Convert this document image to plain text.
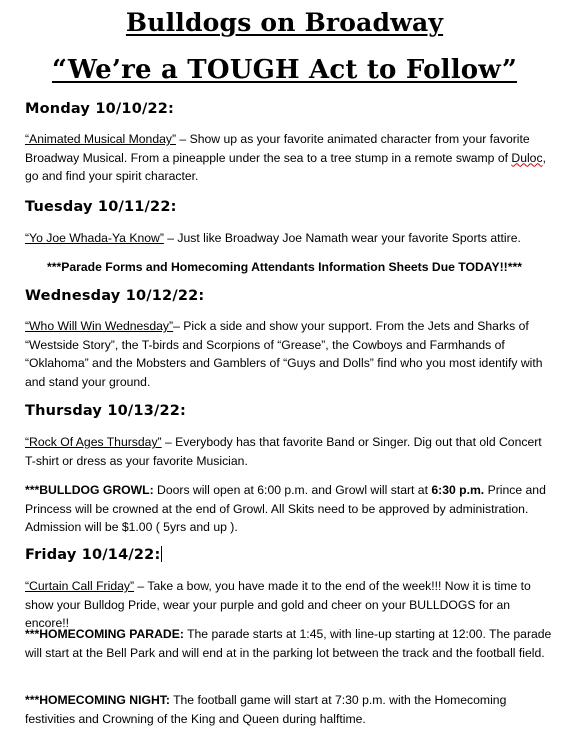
Bulldogs on Broadway
“We’re a TOUGH Act to Follow”
Monday 10/10/22:
“Animated Musical Monday” – Show up as your favorite animated character from your favorite Broadway Musical. From a pineapple under the sea to a tree stump in a remote swamp of Duloc, go and find your spirit character.
Tuesday 10/11/22:
“Yo Joe Whada-Ya Know” – Just like Broadway Joe Namath wear your favorite Sports attire.
***Parade Forms and Homecoming Attendants Information Sheets Due TODAY!!***
Wednesday 10/12/22:
“Who Will Win Wednesday”– Pick a side and show your support. From the Jets and Sharks of “Westside Story”, the T-birds and Scorpions of “Grease”, the Cowboys and Farmhands of “Oklahoma” and the Mobsters and Gamblers of “Guys and Dolls” find who you most identify with and stand your ground.
Thursday 10/13/22:
“Rock Of Ages Thursday” – Everybody has that favorite Band or Singer. Dig out that old Concert T-shirt or dress as your favorite Musician.
***BULLDOG GROWL: Doors will open at 6:00 p.m. and Growl will start at 6:30 p.m. Prince and Princess will be crowned at the end of Growl. All Skits need to be approved by administration. Admission will be $1.00 ( 5yrs and up ).
Friday 10/14/22:
“Curtain Call Friday” – Take a bow, you have made it to the end of the week!!! Now it is time to show your Bulldog Pride, wear your purple and gold and cheer on your BULLDOGS for an encore!!
***HOMECOMING PARADE: The parade starts at 1:45, with line-up starting at 12:00. The parade will start at the Bell Park and will end at in the parking lot between the track and the football field.
***HOMECOMING NIGHT: The football game will start at 7:30 p.m. with the Homecoming festivities and Crowning of the King and Queen during halftime.
